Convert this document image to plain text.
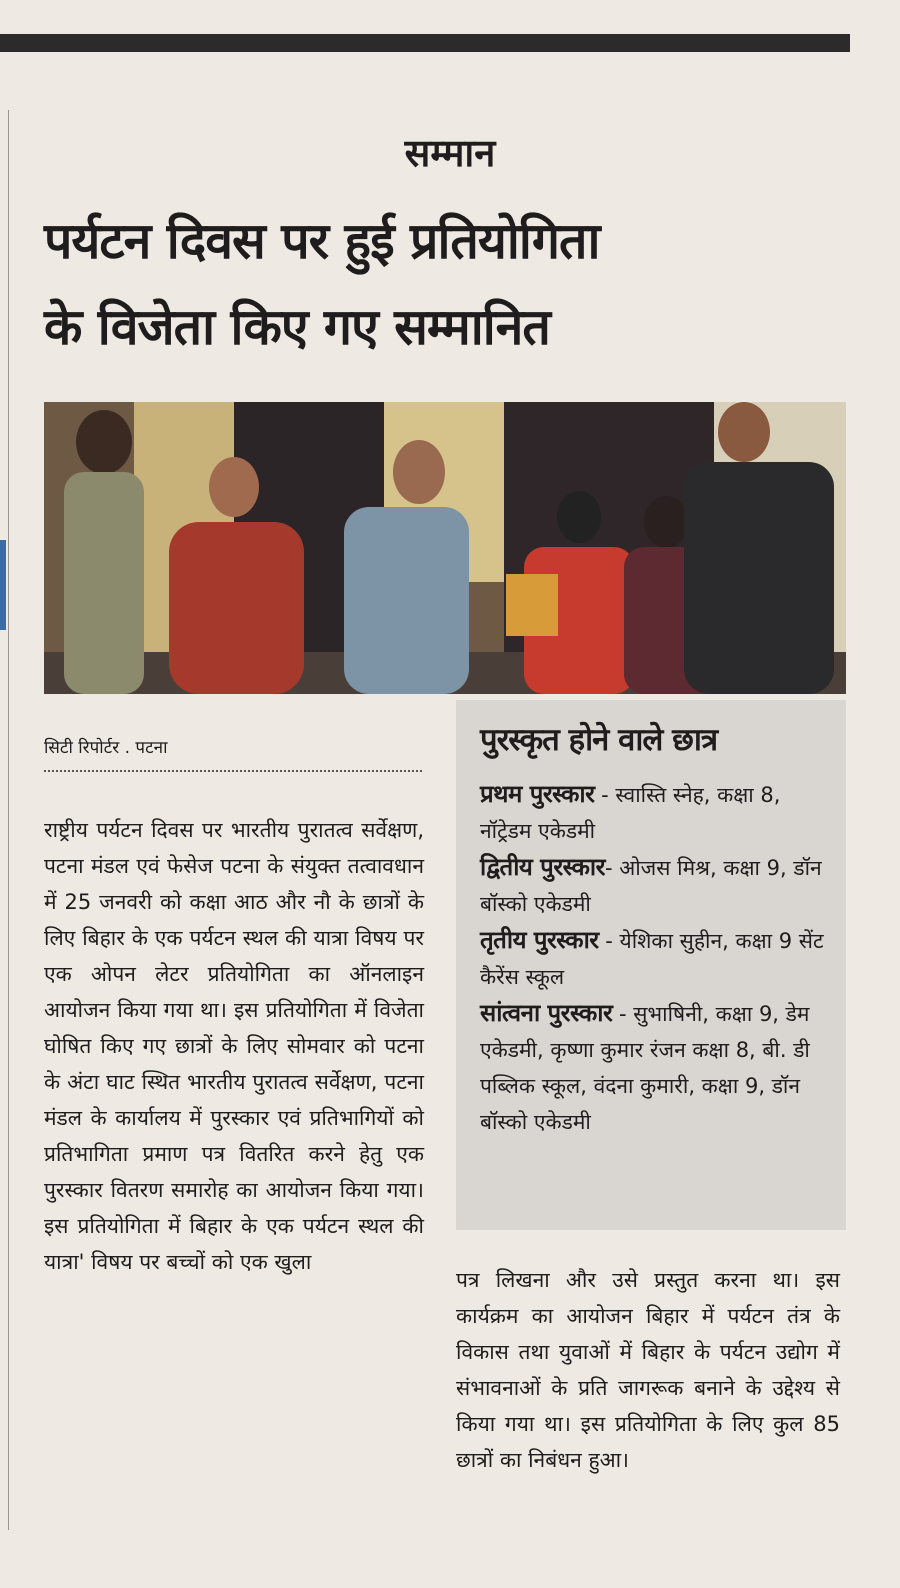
सम्मान
पर्यटन दिवस पर हुई प्रतियोगिता
के विजेता किए गए सम्मानित
सिटी रिपोर्टर . पटना
राष्ट्रीय पर्यटन दिवस पर भारतीय पुरातत्व सर्वेक्षण, पटना मंडल एवं फेसेज पटना के संयुक्त तत्वावधान में 25 जनवरी को कक्षा आठ और नौ के छात्रों के लिए बिहार के एक पर्यटन स्थल की यात्रा विषय पर एक ओपन लेटर प्रतियोगिता का ऑनलाइन आयोजन किया गया था। इस प्रतियोगिता में विजेता घोषित किए गए छात्रों के लिए सोमवार को पटना के अंटा घाट स्थित भारतीय पुरातत्व सर्वेक्षण, पटना मंडल के कार्यालय में पुरस्कार एवं प्रतिभागियों को प्रतिभागिता प्रमाण पत्र वितरित करने हेतु एक पुरस्कार वितरण समारोह का आयोजन किया गया। इस प्रतियोगिता में बिहार के एक पर्यटन स्थल की यात्रा' विषय पर बच्चों को एक खुला
पुरस्कृत होने वाले छात्र
प्रथम पुरस्कार - स्वास्ति स्नेह, कक्षा 8, नॉट्रेडम एकेडमी
द्वितीय पुरस्कार- ओजस मिश्र, कक्षा 9, डॉन बॉस्को एकेडमी
तृतीय पुरस्कार - येशिका सुहीन, कक्षा 9 सेंट कैरेंस स्कूल
सांत्वना पुरस्कार - सुभाषिनी, कक्षा 9, डेम एकेडमी, कृष्णा कुमार रंजन कक्षा 8, बी. डी पब्लिक स्कूल, वंदना कुमारी, कक्षा 9, डॉन बॉस्को एकेडमी
पत्र लिखना और उसे प्रस्तुत करना था। इस कार्यक्रम का आयोजन बिहार में पर्यटन तंत्र के विकास तथा युवाओं में बिहार के पर्यटन उद्योग में संभावनाओं के प्रति जागरूक बनाने के उद्देश्य से किया गया था। इस प्रतियोगिता के लिए कुल 85 छात्रों का निबंधन हुआ।
